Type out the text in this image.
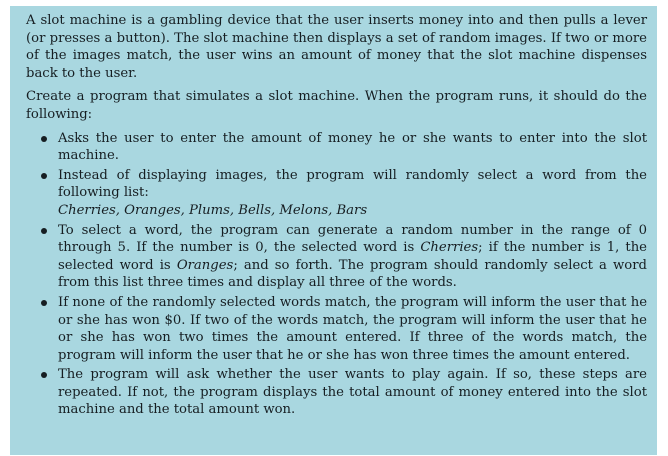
A slot machine is a gambling device that the user inserts money into and then pulls a lever (or presses a button). The slot machine then displays a set of random images. If two or more of the images match, the user wins an amount of money that the slot machine dispenses back to the user.

Create a program that simulates a slot machine. When the program runs, it should do the following:

Asks the user to enter the amount of money he or she wants to enter into the slot machine.
Instead of displaying images, the program will randomly select a word from the following list:
Cherries, Oranges, Plums, Bells, Melons, Bars
To select a word, the program can generate a random number in the range of 0 through 5. If the number is 0, the selected word is Cherries; if the number is 1, the selected word is Oranges; and so forth. The program should randomly select a word from this list three times and display all three of the words.
If none of the randomly selected words match, the program will inform the user that he or she has won $0. If two of the words match, the program will inform the user that he or she has won two times the amount entered. If three of the words match, the program will inform the user that he or she has won three times the amount entered.
The program will ask whether the user wants to play again. If so, these steps are repeated. If not, the program displays the total amount of money entered into the slot machine and the total amount won.
